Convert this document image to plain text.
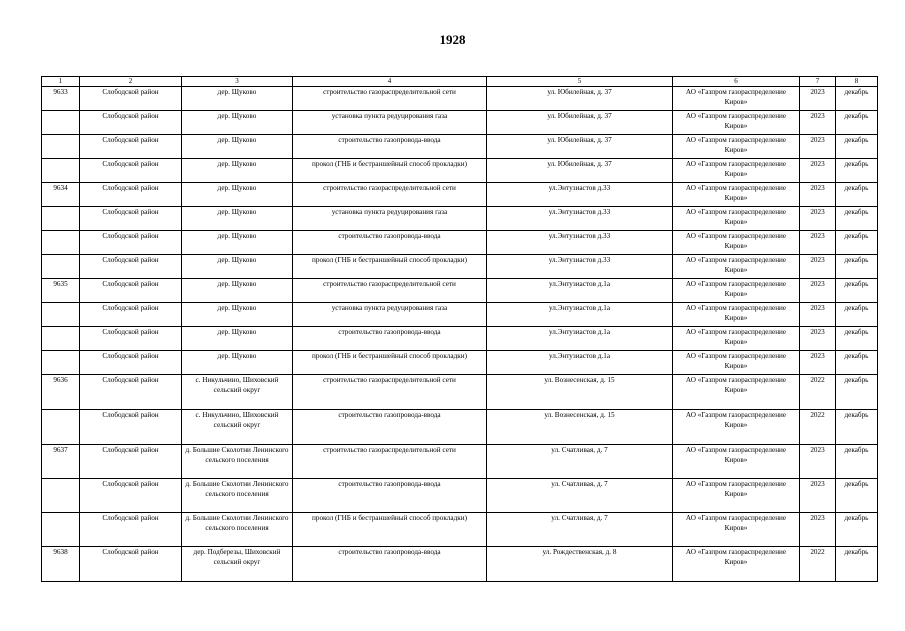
1928
1	2	3	4	5	6	7	8
9633	Слободской район	дер. Щуково	строительство газораспределительной сети	ул. Юбилейная, д. 37	АО «Газпром газораспределение Киров»	2023	декабрь
	Слободской район	дер. Щуково	установка пункта редуцирования газа	ул. Юбилейная, д. 37	АО «Газпром газораспределение Киров»	2023	декабрь
	Слободской район	дер. Щуково	строительство газопровода-ввода	ул. Юбилейная, д. 37	АО «Газпром газораспределение Киров»	2023	декабрь
	Слободской район	дер. Щуково	прокол (ГНБ и бестраншейный способ прокладки)	ул. Юбилейная, д. 37	АО «Газпром газораспределение Киров»	2023	декабрь
9634	Слободской район	дер. Щуково	строительство газораспределительной сети	ул.Энтузиастов д.33	АО «Газпром газораспределение Киров»	2023	декабрь
	Слободской район	дер. Щуково	установка пункта редуцирования газа	ул.Энтузиастов д.33	АО «Газпром газораспределение Киров»	2023	декабрь
	Слободской район	дер. Щуково	строительство газопровода-ввода	ул.Энтузиастов д.33	АО «Газпром газораспределение Киров»	2023	декабрь
	Слободской район	дер. Щуково	прокол (ГНБ и бестраншейный способ прокладки)	ул.Энтузиастов д.33	АО «Газпром газораспределение Киров»	2023	декабрь
9635	Слободской район	дер. Щуково	строительство газораспределительной сети	ул.Энтузиастов д.1а	АО «Газпром газораспределение Киров»	2023	декабрь
	Слободской район	дер. Щуково	установка пункта редуцирования газа	ул.Энтузиастов д.1а	АО «Газпром газораспределение Киров»	2023	декабрь
	Слободской район	дер. Щуково	строительство газопровода-ввода	ул.Энтузиастов д.1а	АО «Газпром газораспределение Киров»	2023	декабрь
	Слободской район	дер. Щуково	прокол (ГНБ и бестраншейный способ прокладки)	ул.Энтузиастов д.1а	АО «Газпром газораспределение Киров»	2023	декабрь
9636	Слободской район	с. Никульчино, Шиховский сельский округ	строительство газораспределительной сети	ул. Вознесенская, д. 15	АО «Газпром газораспределение Киров»	2022	декабрь
	Слободской район	с. Никульчино, Шиховский сельский округ	строительство газопровода-ввода	ул. Вознесенская, д. 15	АО «Газпром газораспределение Киров»	2022	декабрь
9637	Слободской район	д. Большие Сколотни Ленинского сельского поселения	строительство газораспределительной сети	ул. Счатливая, д. 7	АО «Газпром газораспределение Киров»	2023	декабрь
	Слободской район	д. Большие Сколотни Ленинского сельского поселения	строительство газопровода-ввода	ул. Счатливая, д. 7	АО «Газпром газораспределение Киров»	2023	декабрь
	Слободской район	д. Большие Сколотни Ленинского сельского поселения	прокол (ГНБ и бестраншейный способ прокладки)	ул. Счатливая, д. 7	АО «Газпром газораспределение Киров»	2023	декабрь
9638	Слободской район	дер. Подберезы, Шиховский сельский округ	строительство газопровода-ввода	ул. Рождественская, д. 8	АО «Газпром газораспределение Киров»	2022	декабрь
